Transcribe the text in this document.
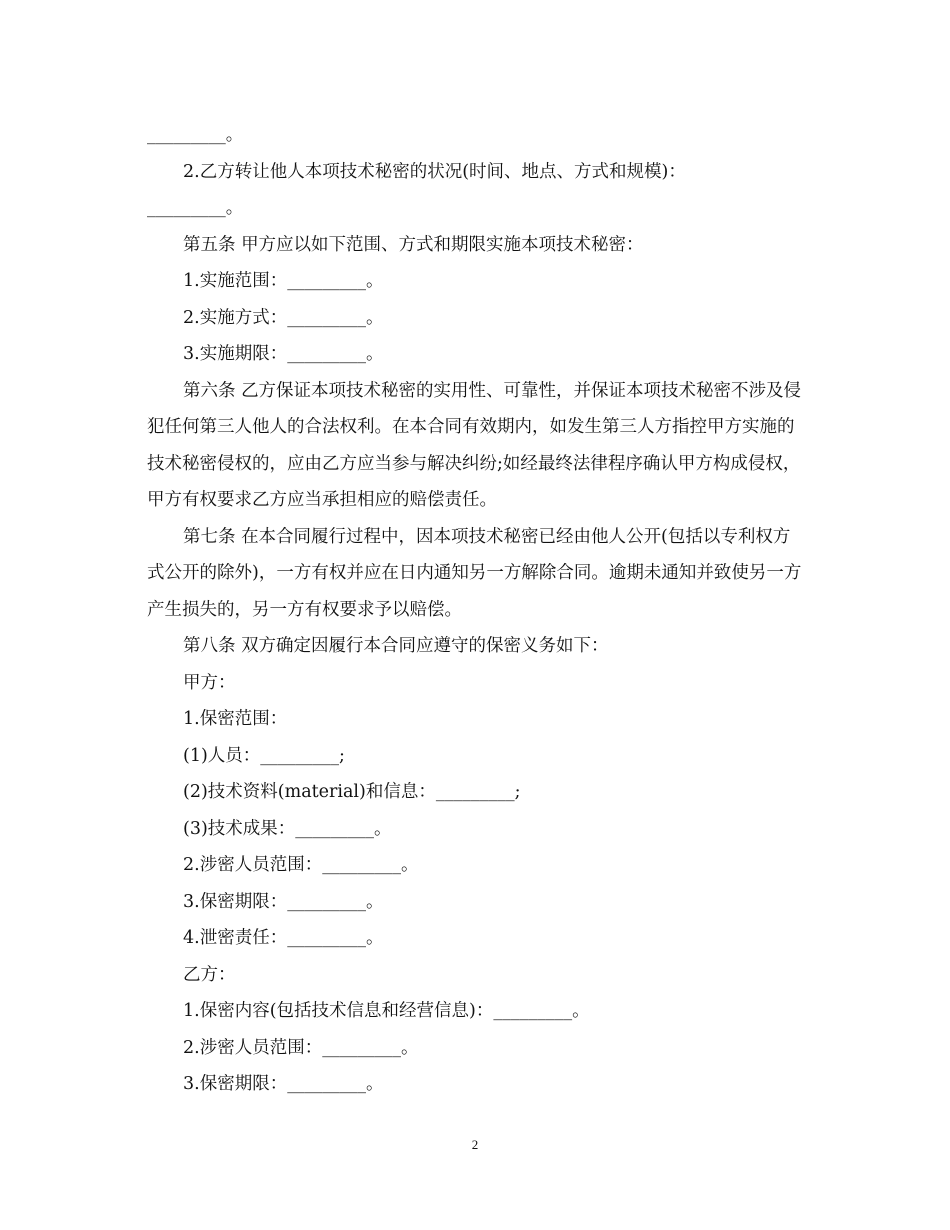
_________。

2.乙方转让他人本项技术秘密的状况(时间、地点、方式和规模)：

_________。

第五条 甲方应以如下范围、方式和期限实施本项技术秘密：

1.实施范围：_________。

2.实施方式：_________。

3.实施期限：_________。

第六条 乙方保证本项技术秘密的实用性、可靠性，并保证本项技术秘密不涉及侵犯任何第三人他人的合法权利。在本合同有效期内，如发生第三人方指控甲方实施的技术秘密侵权的，应由乙方应当参与解决纠纷;如经最终法律程序确认甲方构成侵权，甲方有权要求乙方应当承担相应的赔偿责任。

第七条 在本合同履行过程中，因本项技术秘密已经由他人公开(包括以专利权方式公开的除外)，一方有权并应在日内通知另一方解除合同。逾期未通知并致使另一方产生损失的，另一方有权要求予以赔偿。

第八条 双方确定因履行本合同应遵守的保密义务如下：

甲方：

1.保密范围：

(1)人员：_________;

(2)技术资料(material)和信息：_________;

(3)技术成果：_________。

2.涉密人员范围：_________。

3.保密期限：_________。

4.泄密责任：_________。

乙方：

1.保密内容(包括技术信息和经营信息)：_________。

2.涉密人员范围：_________。

3.保密期限：_________。

2
